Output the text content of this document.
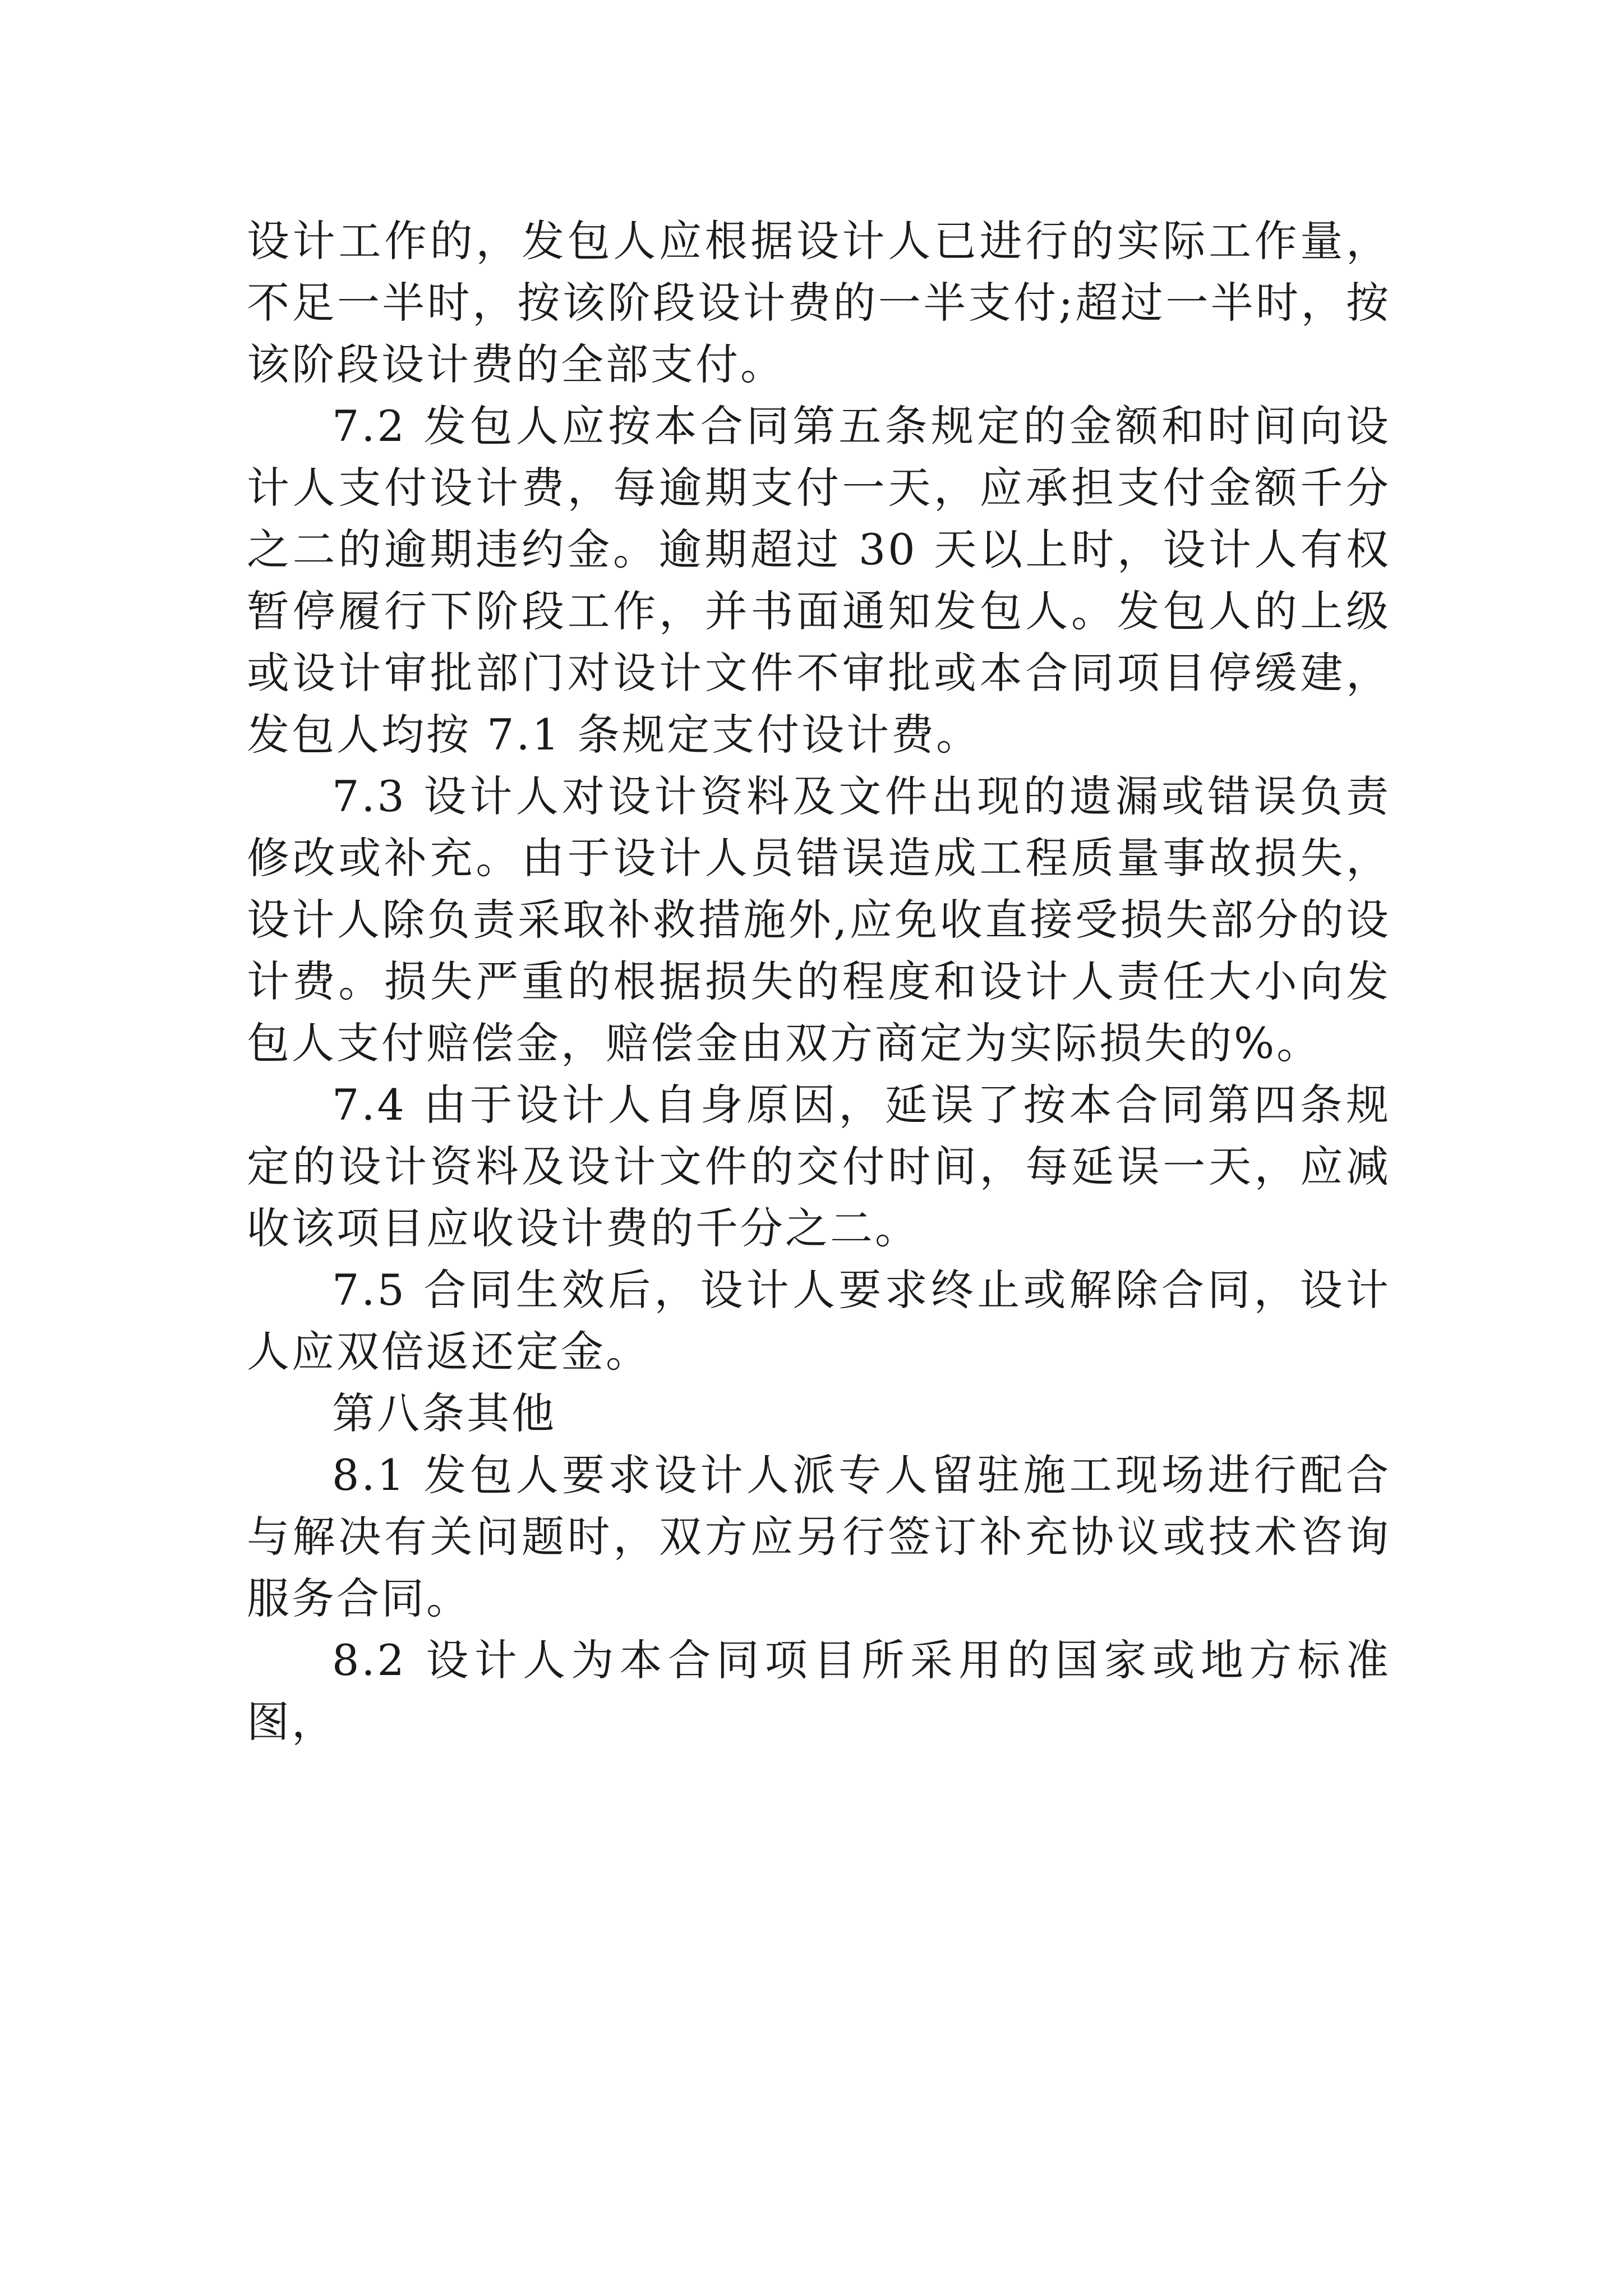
设计工作的，发包人应根据设计人已进行的实际工作量，不足一半时，按该阶段设计费的一半支付;超过一半时，按该阶段设计费的全部支付。

7.2 发包人应按本合同第五条规定的金额和时间向设计人支付设计费，每逾期支付一天，应承担支付金额千分之二的逾期违约金。逾期超过 30 天以上时，设计人有权暂停履行下阶段工作，并书面通知发包人。发包人的上级或设计审批部门对设计文件不审批或本合同项目停缓建，发包人均按 7.1 条规定支付设计费。

7.3 设计人对设计资料及文件出现的遗漏或错误负责修改或补充。由于设计人员错误造成工程质量事故损失，设计人除负责采取补救措施外,应免收直接受损失部分的设计费。损失严重的根据损失的程度和设计人责任大小向发包人支付赔偿金，赔偿金由双方商定为实际损失的%。

7.4 由于设计人自身原因，延误了按本合同第四条规定的设计资料及设计文件的交付时间，每延误一天，应减收该项目应收设计费的千分之二。

7.5 合同生效后，设计人要求终止或解除合同，设计人应双倍返还定金。

第八条其他

8.1 发包人要求设计人派专人留驻施工现场进行配合与解决有关问题时，双方应另行签订补充协议或技术咨询服务合同。

8.2 设计人为本合同项目所采用的国家或地方标准图，
